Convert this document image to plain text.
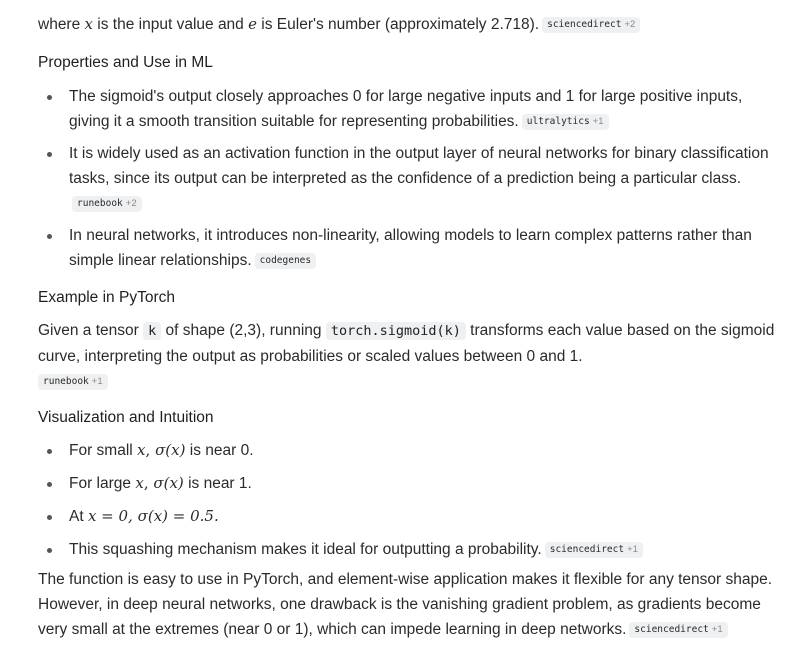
where x is the input value and e is Euler's number (approximately 2.718). sciencedirect +2

Properties and Use in ML
The sigmoid's output closely approaches 0 for large negative inputs and 1 for large positive inputs, giving it a smooth transition suitable for representing probabilities. ultralytics +1
It is widely used as an activation function in the output layer of neural networks for binary classification tasks, since its output can be interpreted as the confidence of a prediction being a particular class.runebook +2
In neural networks, it introduces non-linearity, allowing models to learn complex patterns rather than simple linear relationships. codegenes
Example in PyTorch

Given a tensor k of shape (2,3), running torch.sigmoid(k) transforms each value based on the sigmoid curve, interpreting the output as probabilities or scaled values between 0 and 1.
runebook +1

Visualization and Intuition
For small x, σ(x) is near 0.
For large x, σ(x) is near 1.
At x = 0, σ(x) = 0.5.
This squashing mechanism makes it ideal for outputting a probability. sciencedirect +1

The function is easy to use in PyTorch, and element-wise application makes it flexible for any tensor shape. However, in deep neural networks, one drawback is the vanishing gradient problem, as gradients become very small at the extremes (near 0 or 1), which can impede learning in deep networks. sciencedirect +1
